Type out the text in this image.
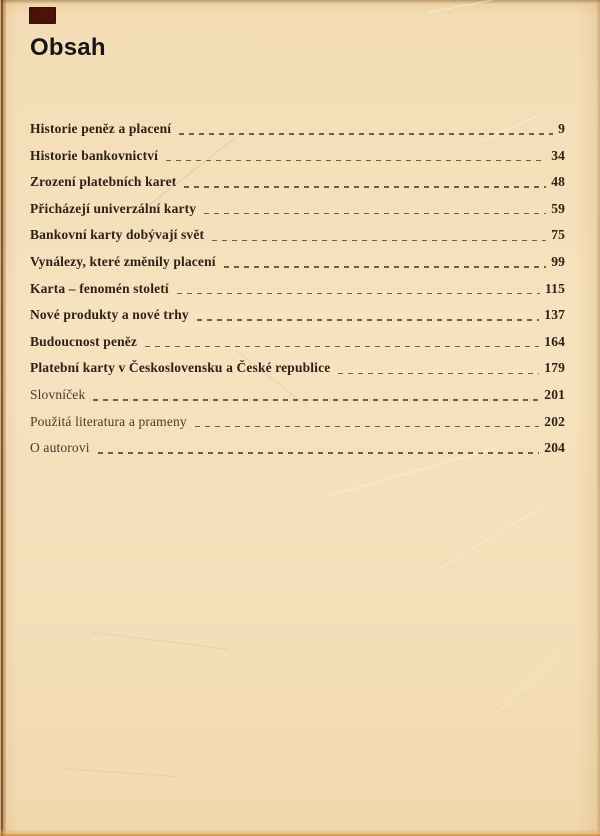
Obsah
Historie peněz a placení	9
Historie bankovnictví	34
Zrození platebních karet	48
Přicházejí univerzální karty	59
Bankovní karty dobývají svět	75
Vynálezy, které změnily placení	99
Karta – fenomén století	115
Nové produkty a nové trhy	137
Budoucnost peněz	164
Platební karty v Československu a České republice	179
Slovníček	201
Použitá literatura a prameny	202
O autorovi	204
